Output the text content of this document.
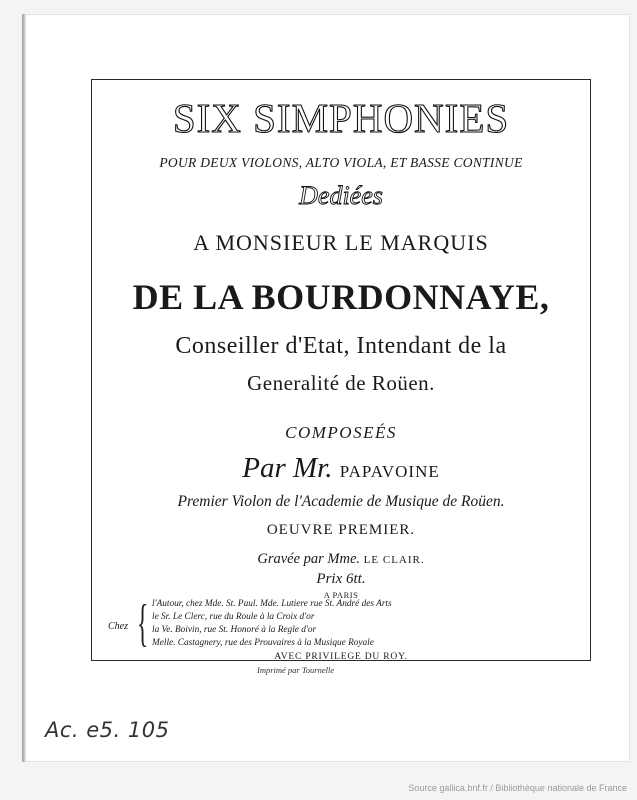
SIX SIMPHONIES
POUR DEUX VIOLONS, ALTO VIOLA, ET BASSE CONTINUE
Dediées
A MONSIEUR LE MARQUIS
DE LA BOURDONNAYE,
Conseiller d'Etat, Intendant de la
Generalité de Roüen.
COMPOSEÉS
Par Mr. PAPAVOINE
Premier Violon de l'Academie de Musique de Roüen.
OEUVRE PREMIER.
Gravée par Mme. LE CLAIR.
Prix 6tt.
A PARIS
Chez { l'Autour, chez Mde. St. Paul. Mde. Lutiere rue St. André des Arts
le Sr. Le Clerc, rue du Roule à la Croix d'or
la Ve. Boivin, rue St. Honoré à la Regle d'or
Melle. Castagnery, rue des Prouvaires à la Musique Royale
AVEC PRIVILEGE DU ROY.
Imprimé par Tournelle
Ac. e5. 105
Source gallica.bnf.fr / Bibliothèque nationale de France
